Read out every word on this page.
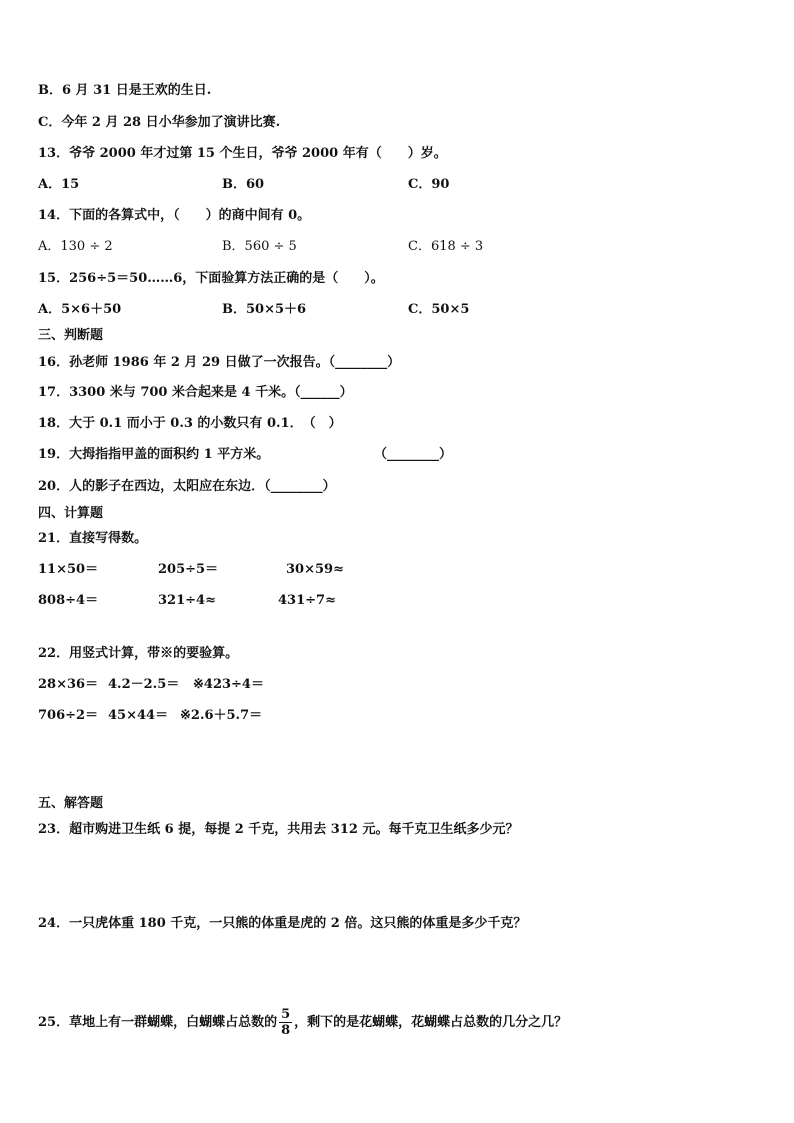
B．6 月 31 日是王欢的生日.
C．今年 2 月 28 日小华参加了演讲比赛.
13．爷爷 2000 年才过第 15 个生日，爷爷 2000 年有（　　）岁。
A．15	B．60	C．90
14．下面的各算式中，（　　）的商中间有 0。
A．130 ÷ 2	B．560 ÷ 5	C．618 ÷ 3
15．256÷5＝50……6，下面验算方法正确的是（　　）。
A．5×6＋50	B．50×5＋6	C．50×5
三、判断题
16．孙老师 1986 年 2 月 29 日做了一次报告。（________）
17．3300 米与 700 米合起来是 4 千米。（______）
18．大于 0.1 而小于 0.3 的小数只有 0.1．　（　）
19．大拇指指甲盖的面积约 1 平方米。	（________）
20．人的影子在西边，太阳应在东边．（________）
四、计算题
21．直接写得数。
11×50＝	205÷5＝	30×59≈
808÷4＝	321÷4≈	431÷7≈
22．用竖式计算，带※的要验算。
28×36＝ 4.2－2.5＝ ※423÷4＝
706÷2＝ 45×44＝ ※2.6＋5.7＝
五、解答题
23．超市购进卫生纸 6 提，每提 2 千克，共用去 312 元。每千克卫生纸多少元？
24．一只虎体重 180 千克，一只熊的体重是虎的 2 倍。这只熊的体重是多少千克？
25．草地上有一群蝴蝶，白蝴蝶占总数的 $\frac{5}{8}$ ，剩下的是花蝴蝶，花蝴蝶占总数的几分之几？
